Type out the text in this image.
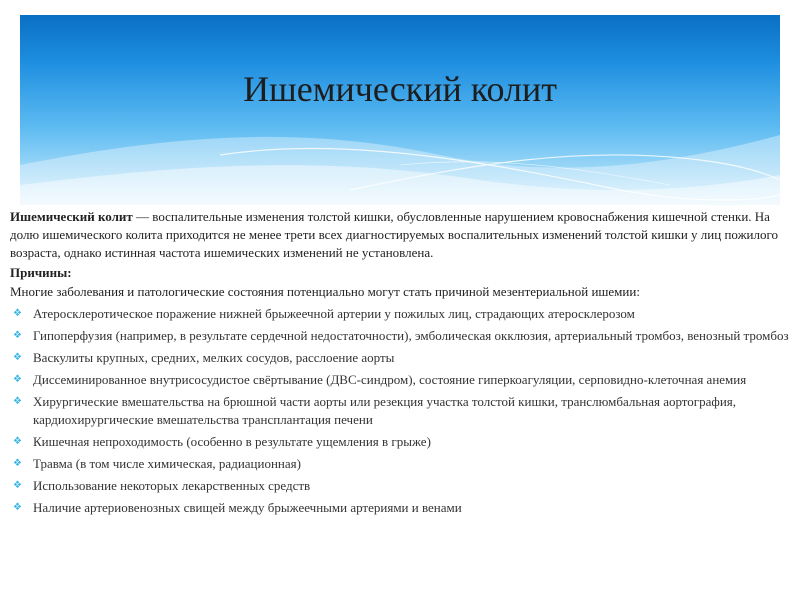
Ишемический колит

Ишемический колит — воспалительные изменения толстой кишки, обусловленные нарушением кровоснабжения кишечной стенки. На долю ишемического колита приходится не менее трети всех диагностируемых воспалительных изменений толстой кишки у лиц пожилого возраста, однако истинная частота ишемических изменений не установлена.

Причины:

Многие заболевания и патологические состояния потенциально могут стать причиной мезентериальной ишемии:

❖ Атеросклеротическое поражение нижней брыжеечной артерии у пожилых лиц, страдающих атеросклерозом
❖ Гипоперфузия (например, в результате сердечной недостаточности), эмболическая окклюзия, артериальный тромбоз, венозный тромбоз
❖ Васкулиты крупных, средних, мелких сосудов, расслоение аорты
❖ Диссеминированное внутрисосудистое свёртывание (ДВС-синдром), состояние гиперкоагуляции, серповидно-клеточная анемия
❖ Хирургические вмешательства на брюшной части аорты или резекция участка толстой кишки, транслюмбальная аортография, кардиохирургические вмешательства трансплантация печени
❖ Кишечная непроходимость (особенно в результате ущемления в грыже)
❖ Травма (в том числе химическая, радиационная)
❖ Использование некоторых лекарственных средств
❖ Наличие артериовенозных свищей между брыжеечными артериями и венами
